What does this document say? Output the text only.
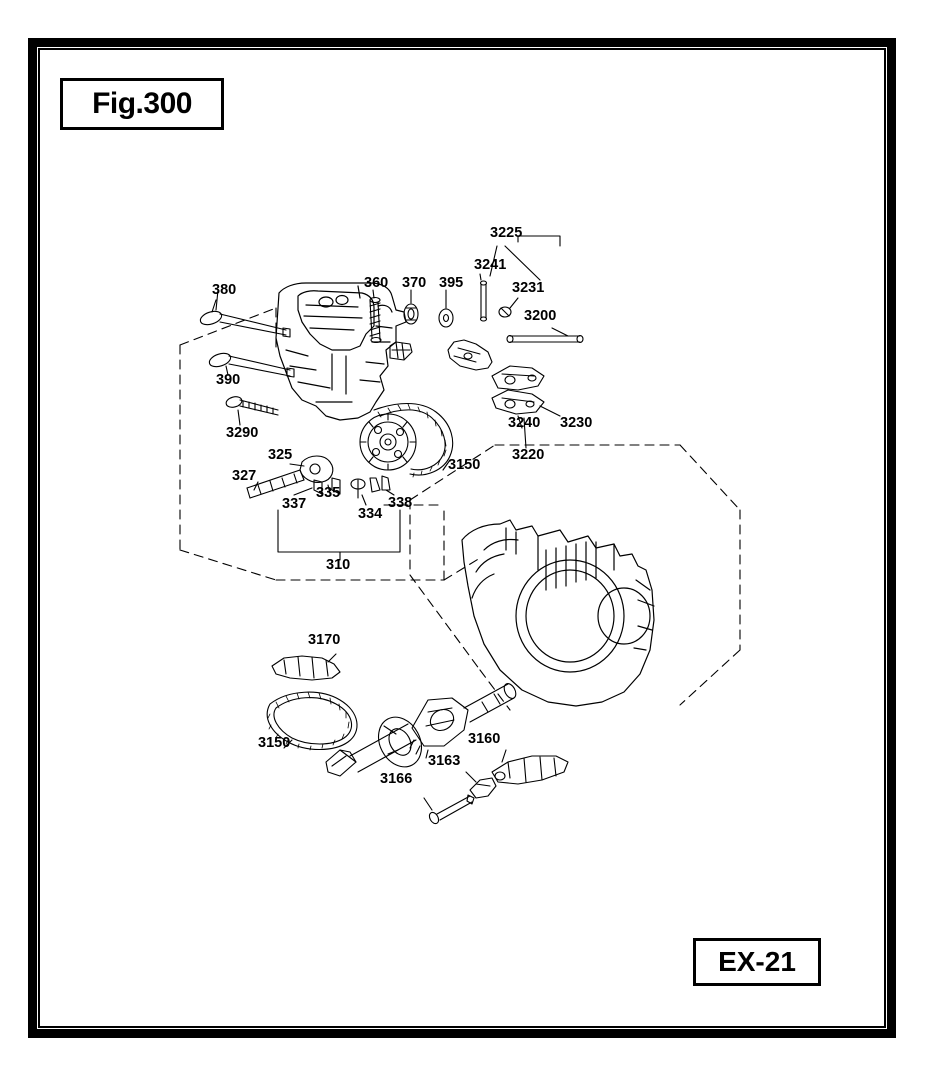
Fig.300
380
390
3290
360 370 395
3225
3241
3231
3200
3240 3230
3220
3150
325
327
337
335
334
338
310
3170
3150	3160
3163
3166
EX-21
